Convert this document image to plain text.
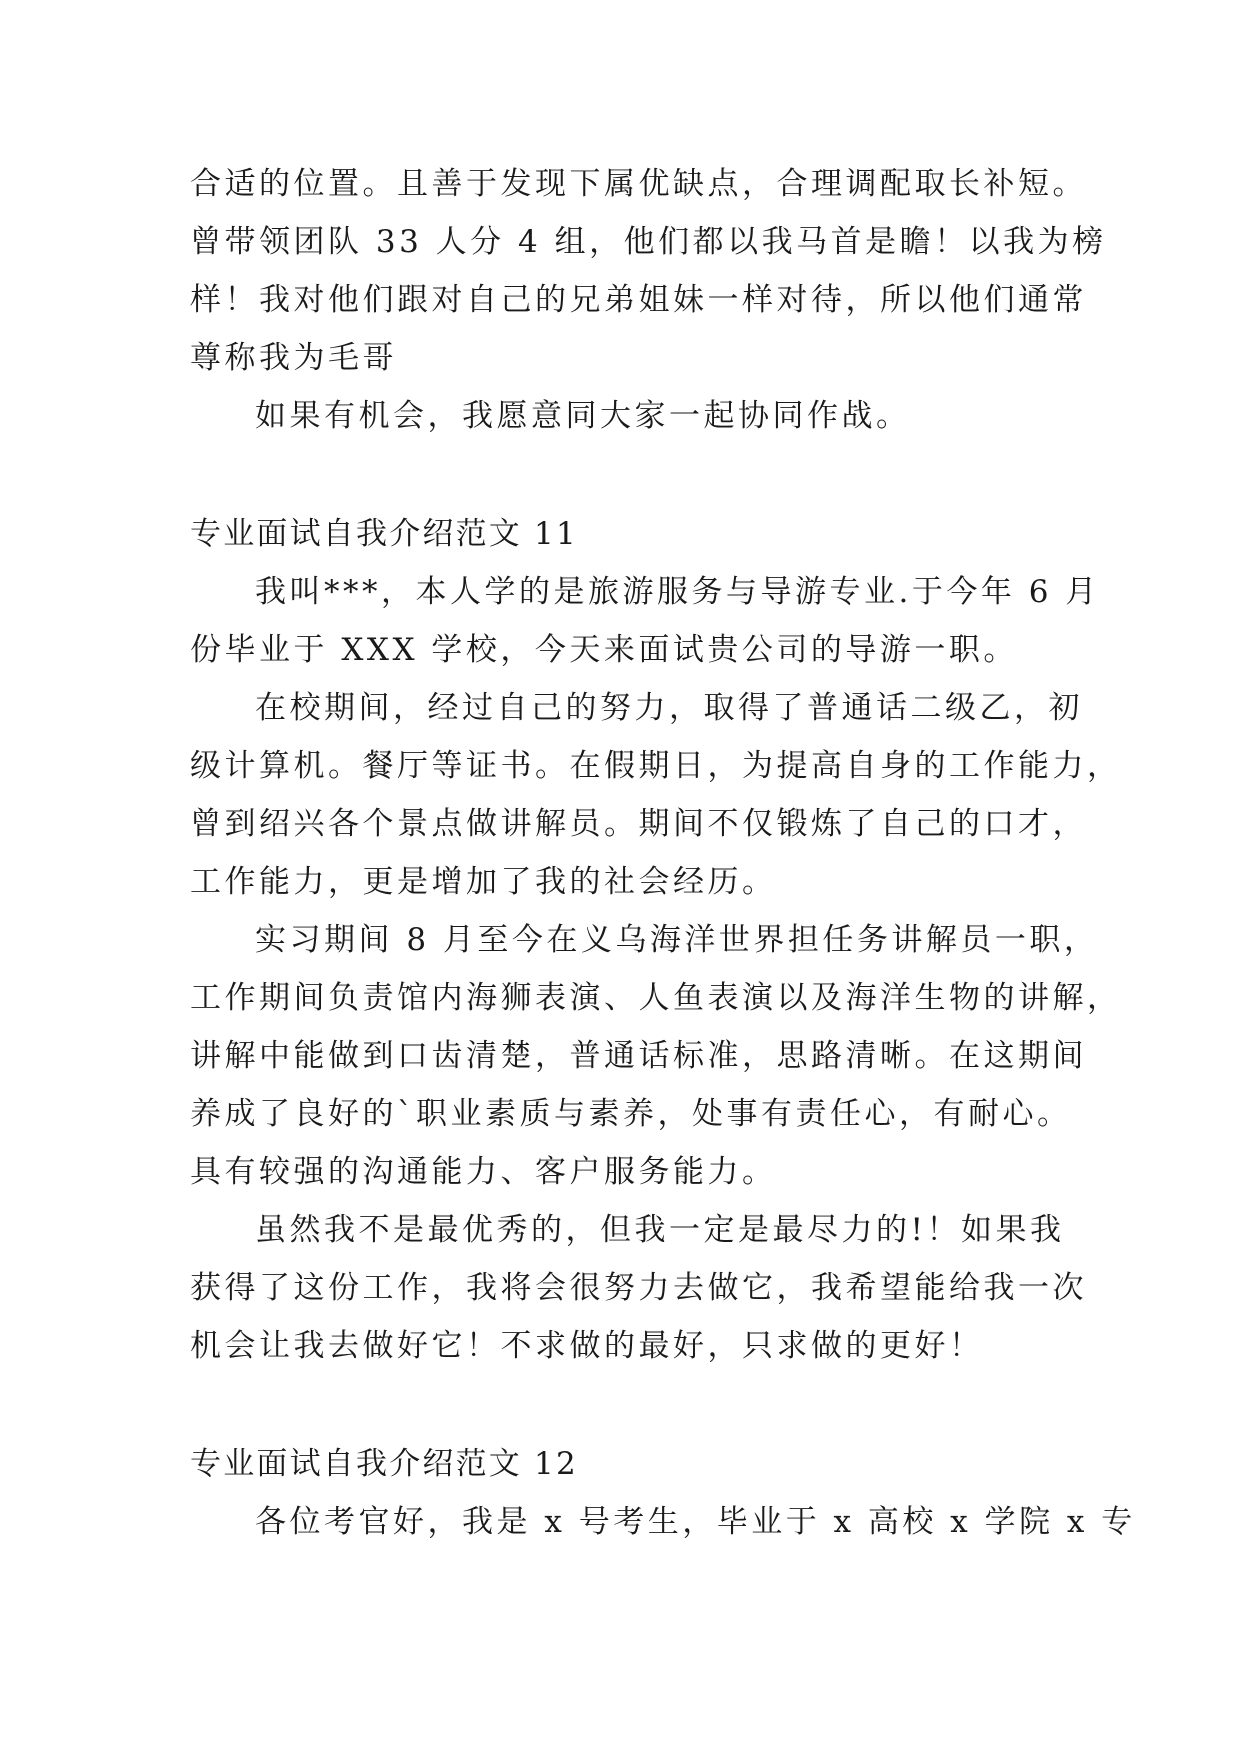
合适的位置。且善于发现下属优缺点，合理调配取长补短。
曾带领团队 33 人分 4 组，他们都以我马首是瞻！以我为榜
样！我对他们跟对自己的兄弟姐妹一样对待，所以他们通常
尊称我为毛哥
如果有机会，我愿意同大家一起协同作战。
专业面试自我介绍范文 11
我叫***，本人学的是旅游服务与导游专业.于今年 6 月
份毕业于 XXX 学校，今天来面试贵公司的导游一职。
在校期间，经过自己的努力，取得了普通话二级乙，初
级计算机。餐厅等证书。在假期日，为提高自身的工作能力，
曾到绍兴各个景点做讲解员。期间不仅锻炼了自己的口才，
工作能力，更是增加了我的社会经历。
实习期间 8 月至今在义乌海洋世界担任务讲解员一职，
工作期间负责馆内海狮表演、人鱼表演以及海洋生物的讲解，
讲解中能做到口齿清楚，普通话标准，思路清晰。在这期间
养成了良好的`职业素质与素养，处事有责任心，有耐心。
具有较强的沟通能力、客户服务能力。
虽然我不是最优秀的，但我一定是最尽力的!！如果我
获得了这份工作，我将会很努力去做它，我希望能给我一次
机会让我去做好它！不求做的最好，只求做的更好！
专业面试自我介绍范文 12
各位考官好，我是 x 号考生，毕业于 x 高校 x 学院 x 专
